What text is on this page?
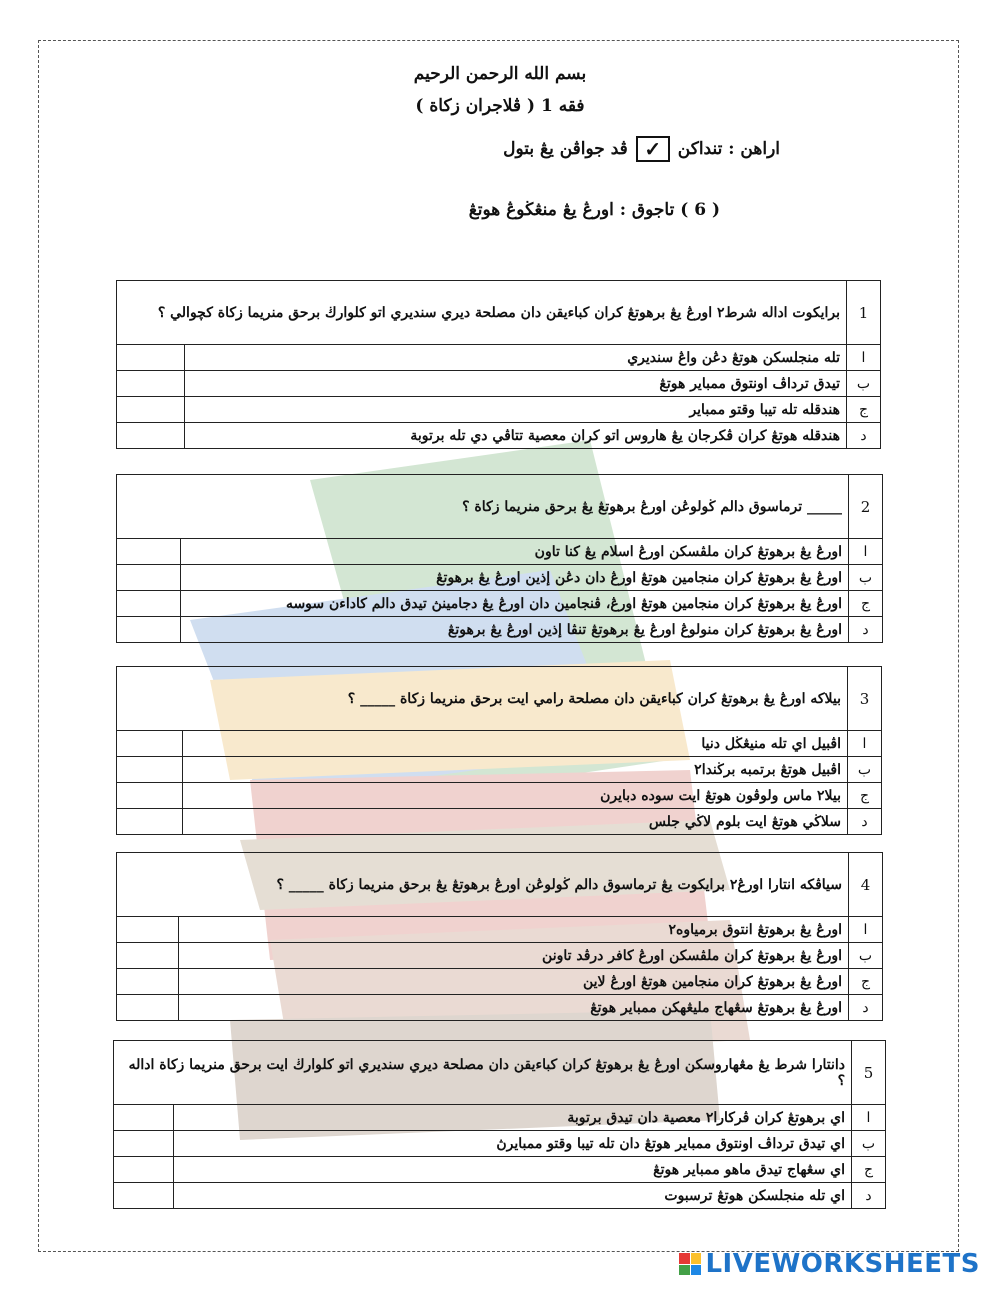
بسم الله الرحمن الرحيم
فقه 1 ( ڤلاجران زكاة )
اراهن : تنداكن
✓
ڤد جواڤن يڠ بتول
( 6 ) تاجوق : اورڠ يڠ منڠڬوڠ هوتڠ
1	برايكوت اداله شرط٢ اورڠ يڠ برهوتڠ كران كباءيقن دان مصلحة ديري سنديري اتو كلوارڬ برحق منريما زكاة كچوالي ؟	
ا	تله منجلسكن هوتڠ دڠن واڠ سنديري	
ب	تيدق ترداڤ اونتوق ممباير هوتڠ	
ج	هندقله تله تيبا وقتو ممباير	
د	هندقله هوتڠ كران ڤكرجان يڠ هاروس اتو كران معصية تتاڤي دي تله برتوبة	
2	_____ ترماسوق دالم ڬولوڠن اورڠ برهوتڠ يڠ برحق منريما زكاة ؟	
ا	اورڠ يڠ برهوتڠ كران ملڤسكن اورڠ اسلام يڠ كنا تاون	
ب	اورڠ يڠ برهوتڠ كران منجامين هوتڠ اورڠ دان دڠن إذين اورڠ يڠ برهوتڠ	
ج	اورڠ يڠ برهوتڠ كران منجامين هوتڠ اورڠ، ڤنجامين دان اورڠ يڠ دجامينڽ تيدق دالم كاداءن سوسه	
د	اورڠ يڠ برهوتڠ كران منولوڠ اورڠ يڠ برهوتڠ تنڤا إذين اورڠ يڠ برهوتڠ	
3	بيلاكه اورڠ يڠ برهوتڠ كران كباءيقن دان مصلحة رامي ايت برحق منريما زكاة _____ ؟	
ا	اڤبيل اي تله منيڠڬل دنيا	
ب	اڤبيل هوتڠ برتمبه برڬندا٢	
ج	بيلا٢ ماس ولوڤون هوتڠ ايت سوده دبايرن	
د	سلاڬي هوتڠ ايت بلوم لاڬي جلس	
4	سياڤكه انتارا اورڠ٢ برايكوت يڠ ترماسوق دالم ڬولوڠن اورڠ برهوتڠ يڠ برحق منريما زكاة _____ ؟	
ا	اورڠ يڠ برهوتڠ انتوق برمياوه٢	
ب	اورڠ يڠ برهوتڠ كران ملڤسكن اورڠ كافر درڤد تاونن	
ج	اورڠ يڠ برهوتڠ كران منجامين هوتڠ اورڠ لاين	
د	اورڠ يڠ برهوتڠ سڠهاج مليڠهكن ممباير هوتڠ	
5	دانتارا شرط يڠ مڠهاروسكن اورڠ يڠ برهوتڠ كران كباءيقن دان مصلحة ديري سنديري اتو كلوارڬ ايت برحق منريما زكاة اداله ؟	
ا	اي برهوتڠ كران ڤركارا٢ معصية دان تيدق برتوبة	
ب	اي تيدق ترداڤ اونتوق ممباير هوتڠ دان تله تيبا وقتو ممبايرڽ	
ج	اي سڠهاج تيدق ماهو ممباير هوتڠ	
د	اي تله منجلسكن هوتڠ ترسبوت	
LIVEWORKSHEETS
